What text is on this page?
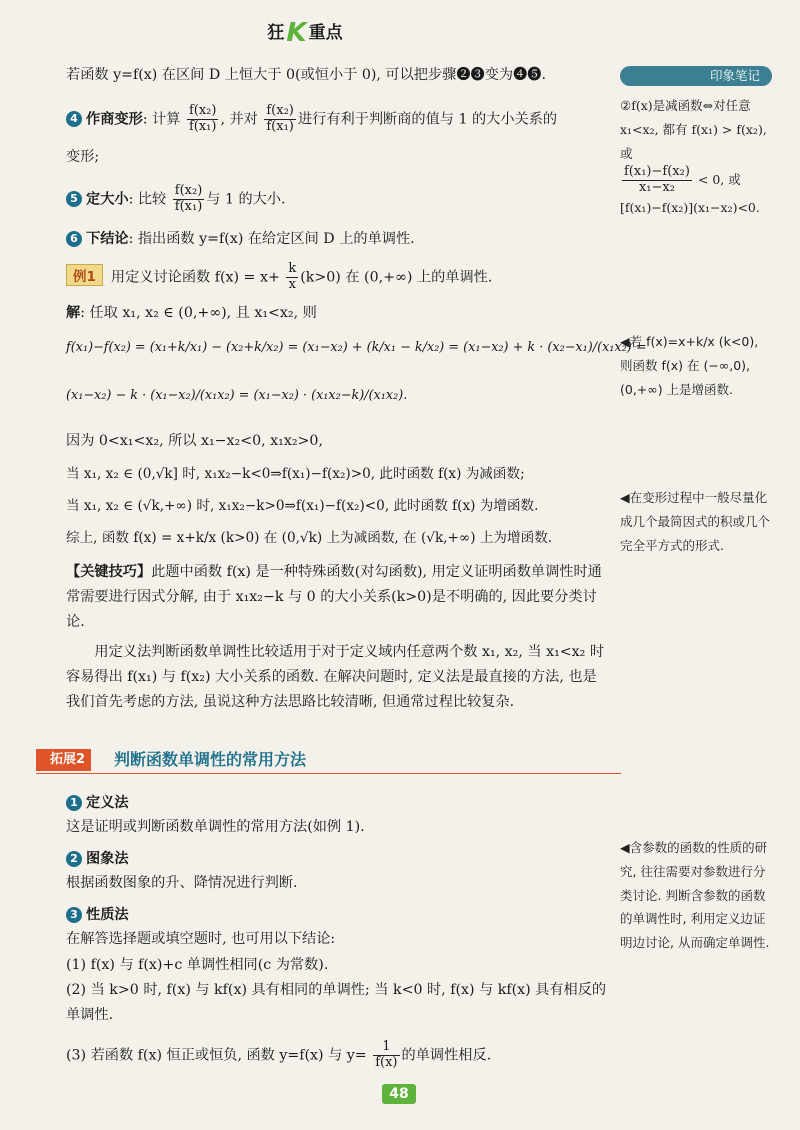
狂K 重点
若函数 y=f(x) 在区间 D 上恒大于 0(或恒小于 0), 可以把步骤❷❸变为❹❺.
4 作商变形: 计算 $\frac{\text{f(x₂)}}{\text{f(x₁)}}$ , 并对 $\frac{\text{f(x₂)}}{\text{f(x₁)}}$ 进行有利于判断商的值与 1 的大小关系的
变形;
5 定大小: 比较 $\frac{\text{f(x₂)}}{\text{f(x₁)}}$ 与 1 的大小.
6 下结论: 指出函数 y=f(x) 在给定区间 D 上的单调性.
例1 用定义讨论函数 $f(x) = x+ \frac{k}{x} (k>0)$ 在 (0,+∞) 上的单调性.
解: 任取 x₁, x₂ ∈ (0,+∞), 且 x₁<x₂, 则
f(x₁)−f(x₂) = (x₁+k/x₁) − (x₂+k/x₂) = (x₁−x₂) + (k/x₁ − k/x₂) = (x₁−x₂) + k · (x₂−x₁)/(x₁x₂) =
(x₁−x₂) − k · (x₁−x₂)/(x₁x₂) = (x₁−x₂) · (x₁x₂−k)/(x₁x₂).
因为 0<x₁<x₂, 所以 x₁−x₂<0, x₁x₂>0,
当 x₁, x₂ ∈ (0,√k] 时, x₁x₂−k<0⇒f(x₁)−f(x₂)>0, 此时函数 f(x) 为减函数;
当 x₁, x₂ ∈ (√k,+∞) 时, x₁x₂−k>0⇒f(x₁)−f(x₂)<0, 此时函数 f(x) 为增函数.
综上, 函数 f(x) = x+k/x (k>0) 在 (0,√k) 上为减函数, 在 (√k,+∞) 上为增函数.

【关键技巧】此题中函数 f(x) 是一种特殊函数(对勾函数), 用定义证明函数单调性时通常需要进行因式分解, 由于 x₁x₂−k 与 0 的大小关系(k>0)是不明确的, 因此要分类讨论.

用定义法判断函数单调性比较适用于对于定义域内任意两个数 x₁, x₂, 当 x₁<x₂ 时容易得出 f(x₁) 与 f(x₂) 大小关系的函数. 在解决问题时, 定义法是最直接的方法, 也是我们首先考虑的方法, 虽说这种方法思路比较清晰, 但通常过程比较复杂.

拓展2	判断函数单调性的常用方法
1 定义法
这是证明或判断函数单调性的常用方法(如例 1).
2 图象法
根据函数图象的升、降情况进行判断.
3 性质法
在解答选择题或填空题时, 也可用以下结论:
(1) f(x) 与 f(x)+c 单调性相同(c 为常数).

(2) 当 k>0 时, f(x) 与 kf(x) 具有相同的单调性; 当 k<0 时, f(x) 与 kf(x) 具有相反的单调性.

(3) 若函数 f(x) 恒正或恒负, 函数 y=f(x) 与 $y= \frac{1}{f(x)}$ 的单调性相反.
印象笔记
②f(x)是减函数⇔对任意 x₁<x₂, 都有 f(x₁) > f(x₂), 或

$\frac{\text{f(x₁)−f(x₂)}}{\text{x₁−x₂}} < 0$, 或
[f(x₁)−f(x₂)](x₁−x₂)<0.
◀若 f(x)=x+k/x (k<0), 则函数 f(x) 在 (−∞,0), (0,+∞) 上是增函数.
◀在变形过程中一般尽量化成几个最简因式的积或几个完全平方式的形式.
◀含参数的函数的性质的研究, 往往需要对参数进行分类讨论. 判断含参数的函数的单调性时, 利用定义边证明边讨论, 从而确定单调性.
48
